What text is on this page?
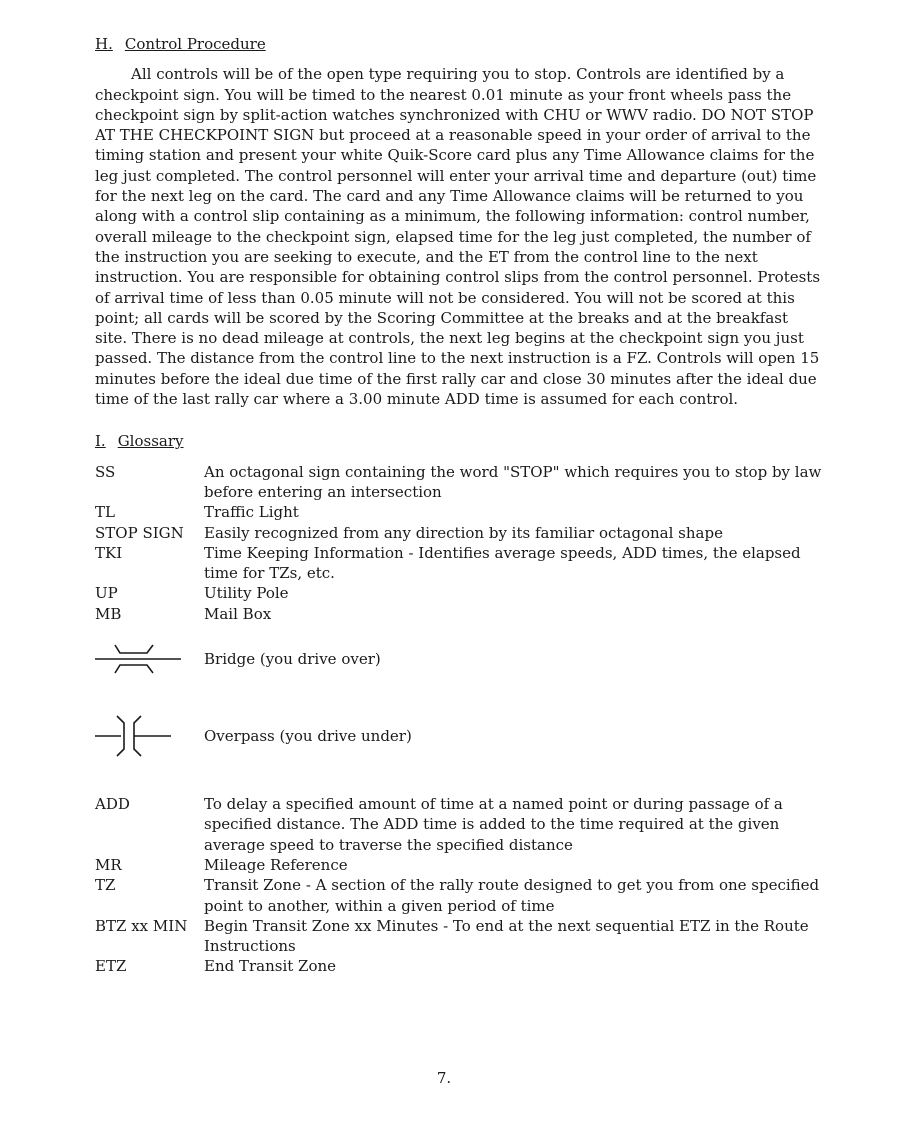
H. Control Procedure

All controls will be of the open type requiring you to stop. Controls are identified by a checkpoint sign. You will be timed to the nearest 0.01 minute as your front wheels pass the checkpoint sign by split-action watches synchronized with CHU or WWV radio. DO NOT STOP AT THE CHECKPOINT SIGN but proceed at a reasonable speed in your order of arrival to the timing station and present your white Quik-Score card plus any Time Allowance claims for the leg just completed. The control personnel will enter your arrival time and departure (out) time for the next leg on the card. The card and any Time Allowance claims will be returned to you along with a control slip containing as a minimum, the following information: control number, overall mileage to the checkpoint sign, elapsed time for the leg just completed, the number of the instruction you are seeking to execute, and the ET from the control line to the next instruction. You are responsible for obtaining control slips from the control personnel. Protests of arrival time of less than 0.05 minute will not be considered. You will not be scored at this point; all cards will be scored by the Scoring Committee at the breaks and at the breakfast site. There is no dead mileage at controls, the next leg begins at the checkpoint sign you just passed. The distance from the control line to the next instruction is a FZ. Controls will open 15 minutes before the ideal due time of the first rally car and close 30 minutes after the ideal due time of the last rally car where a 3.00 minute ADD time is assumed for each control.

I. Glossary
SS	An octagonal sign containing the word "STOP" which requires you to stop by law before entering an intersection
TL	Traffic Light
STOP SIGN	Easily recognized from any direction by its familiar octagonal shape
TKI	Time Keeping Information - Identifies average speeds, ADD times, the elapsed time for TZs, etc.
UP	Utility Pole
MB	Mail Box
Bridge (you drive over)
Overpass (you drive under)
ADD	To delay a specified amount of time at a named point or during passage of a specified distance. The ADD time is added to the time required at the given average speed to traverse the specified distance
MR	Mileage Reference
TZ	Transit Zone - A section of the rally route designed to get you from one specified point to another, within a given period of time
BTZ xx MIN	Begin Transit Zone xx Minutes - To end at the next sequential ETZ in the Route Instructions
ETZ	End Transit Zone
7.
